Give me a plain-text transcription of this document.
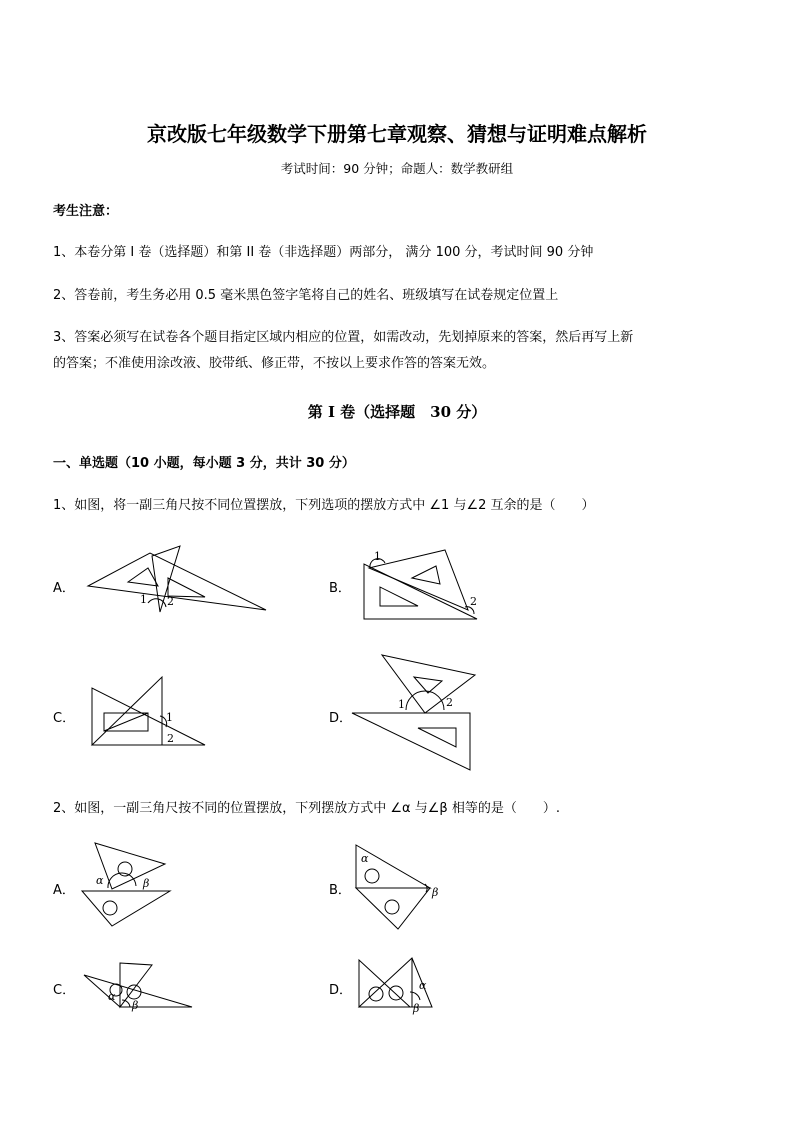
京改版七年级数学下册第七章观察、猜想与证明难点解析
考试时间：90 分钟；命题人：数学教研组
考生注意：
1、本卷分第 I 卷（选择题）和第 II 卷（非选择题）两部分， 满分 100 分，考试时间 90 分钟
2、答卷前，考生务必用 0.5 毫米黑色签字笔将自己的姓名、班级填写在试卷规定位置上
3、答案必须写在试卷各个题目指定区域内相应的位置，如需改动，先划掉原来的答案，然后再写上新
的答案；不准使用涂改液、胶带纸、修正带，不按以上要求作答的答案无效。
第 I 卷（选择题　30 分）
一、单选题（10 小题，每小题 3 分，共计 30 分）
1、如图，将一副三角尺按不同位置摆放，下列选项的摆放方式中 ∠1 与∠2 互余的是（　　）
A．
1 2
B．
1
2
C．	1
2
D．
1	2
2、如图，一副三角尺按不同的位置摆放，下列摆放方式中 ∠α 与∠β 相等的是（　　）.
A．
α	β	B．
α
β
C．	α
β
D．	α
β
